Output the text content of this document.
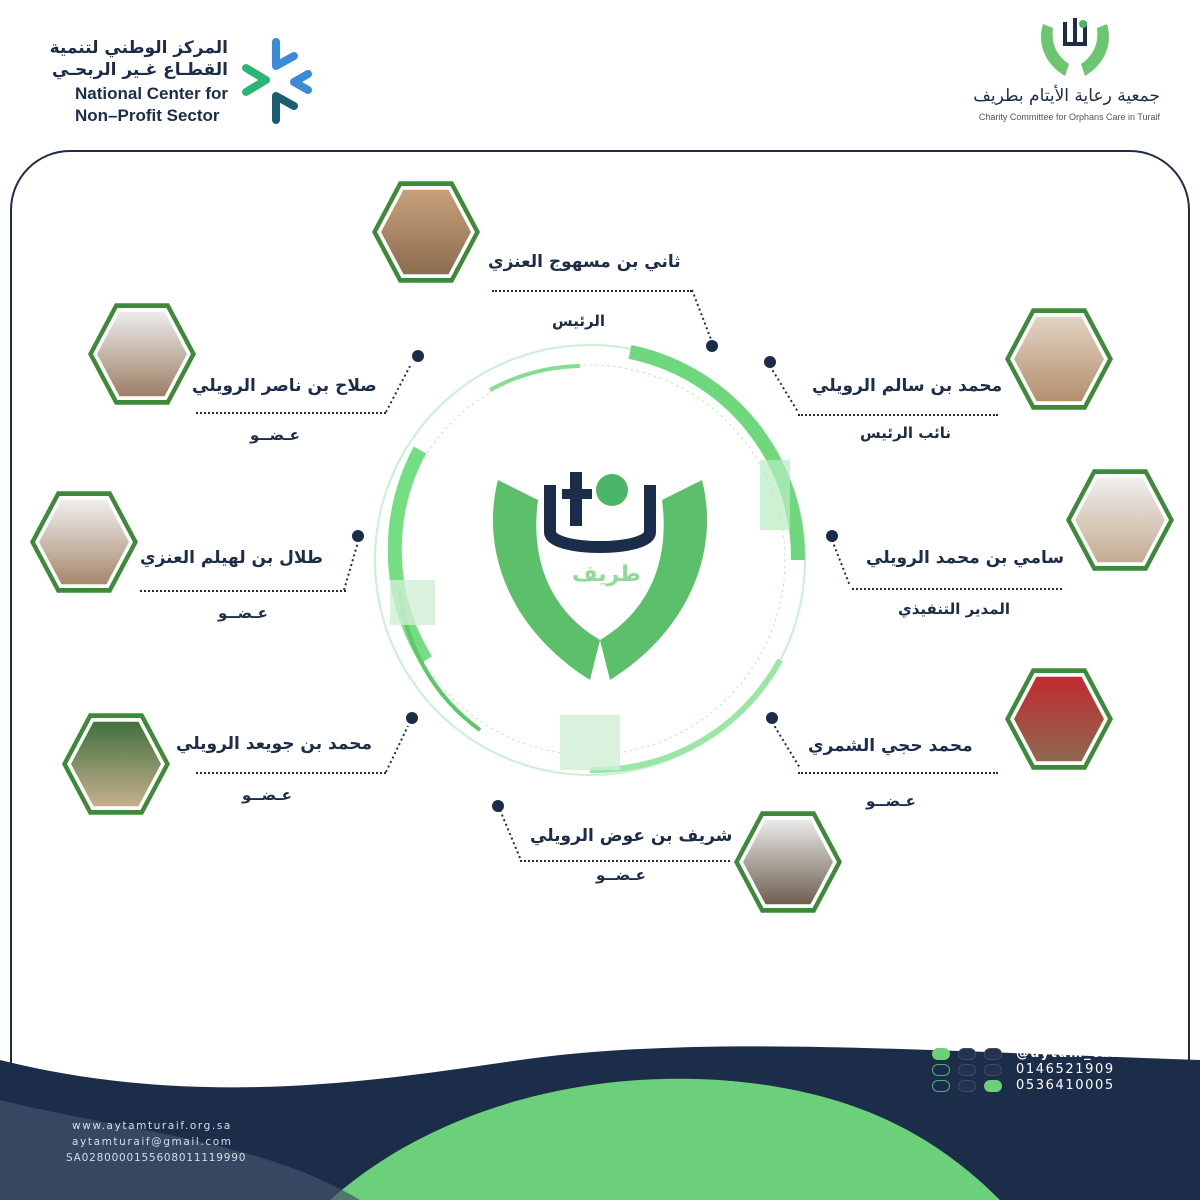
المركز الوطني لتنمية
القطـاع غـير الربحـي
National Center for
Non–Profit Sector
جمعية رعاية الأيتام بطريف
Charity Committee for Orphans Care in Turaif
طريف
ثاني بن مسهوج العنزي
الرئيس
محمد بن سالم الرويلي
نائب الرئيس
سامي بن محمد الرويلي
المدير التنفيذي
محمد حجي الشمري
عـضــو
شريف بن عوض الرويلي
عـضــو
محمد بن جويعد الرويلي
عـضــو
طلال بن لهيلم العنزي
عـضــو
صلاح بن ناصر الرويلي
عـضــو
www.aytamturaif.org.sa
aytamturaif@gmail.com
SA0280000155608011119990
@aytam_turaif
0146521909
0536410005
